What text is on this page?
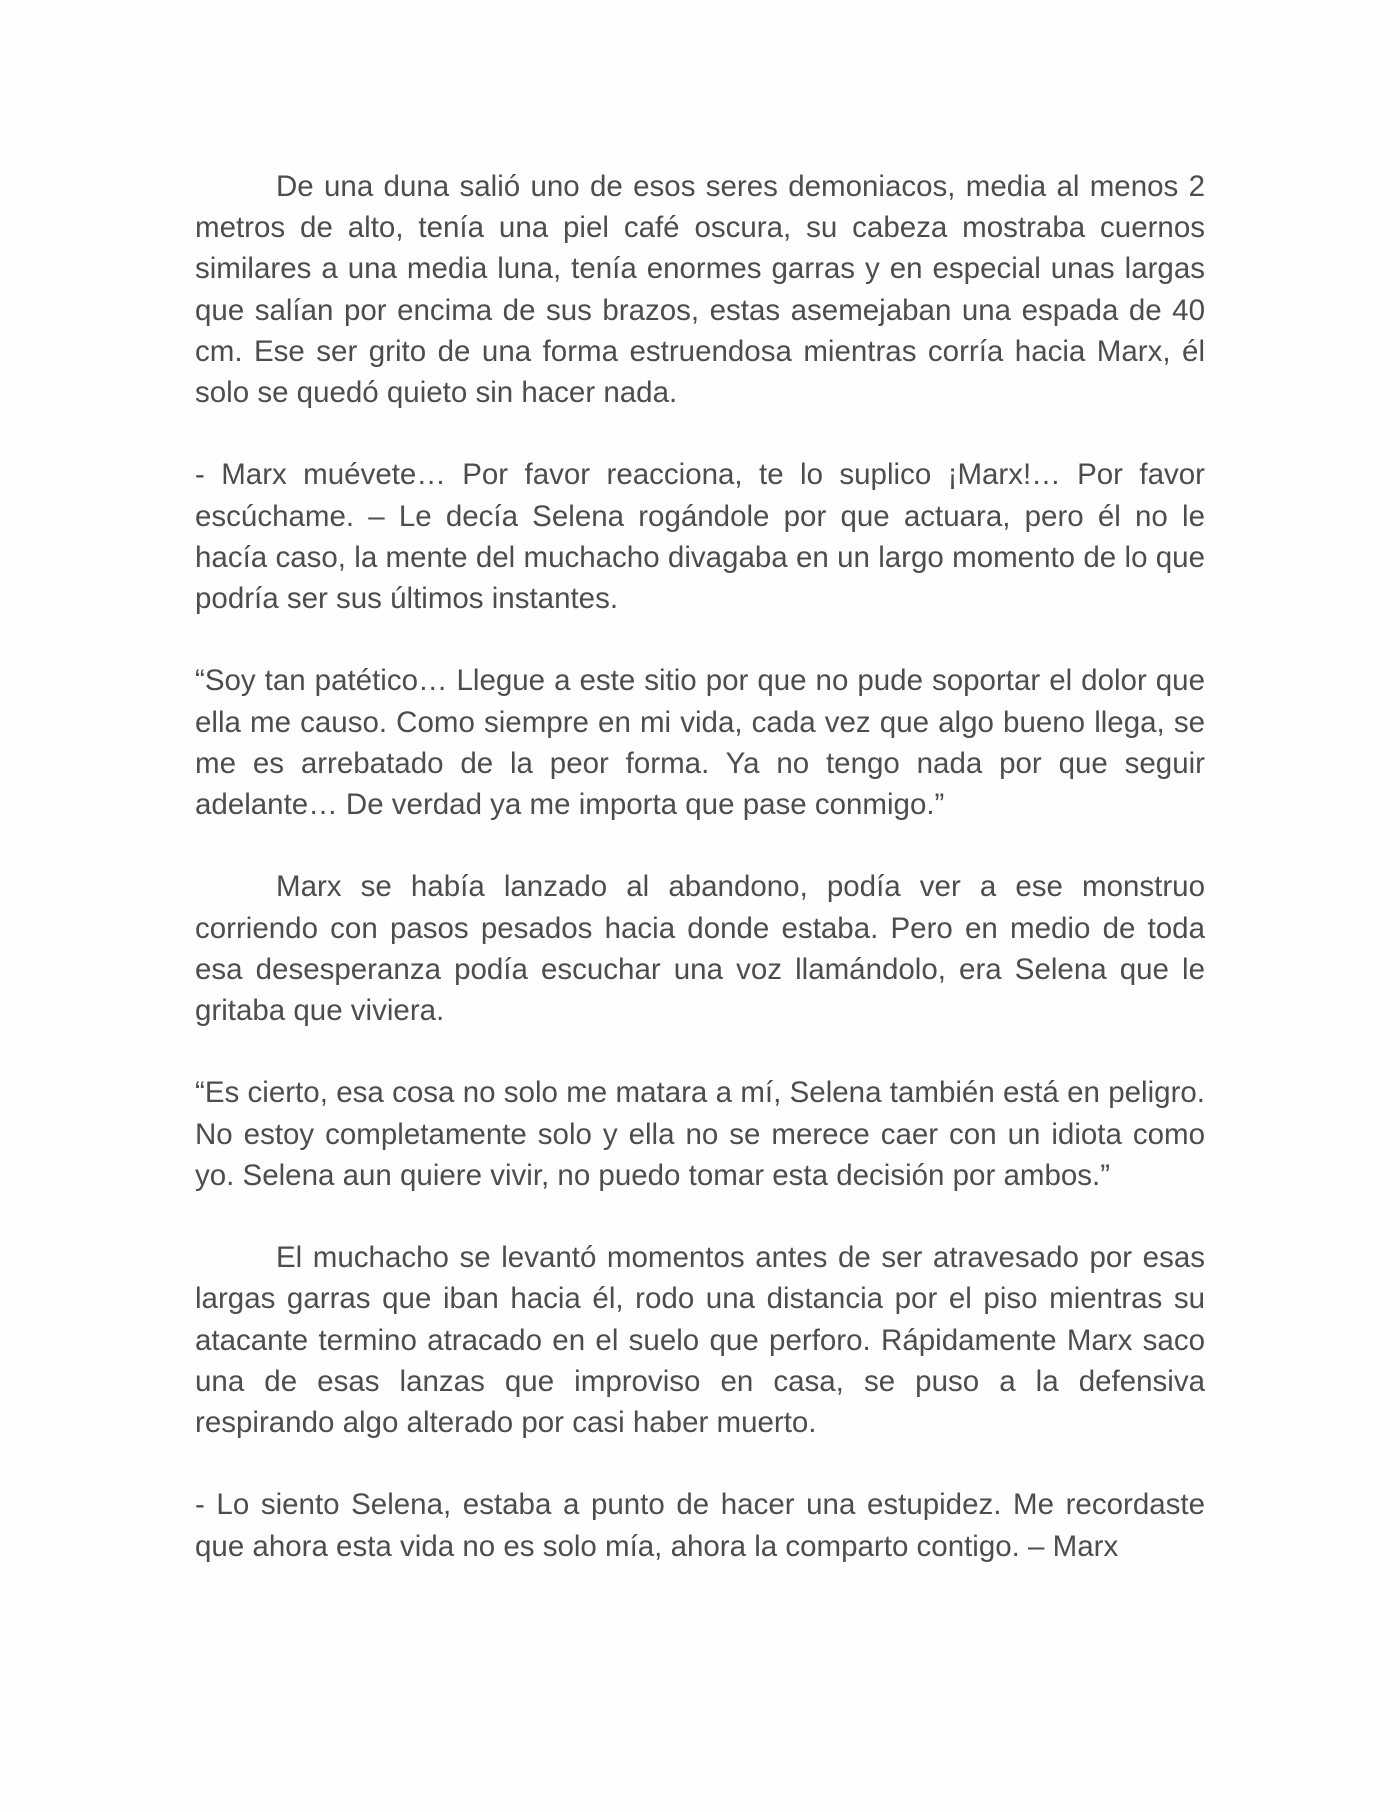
De una duna salió uno de esos seres demoniacos, media al menos 2 metros de alto, tenía una piel café oscura, su cabeza mostraba cuernos similares a una media luna, tenía enormes garras y en especial unas largas que salían por encima de sus brazos, estas asemejaban una espada de 40 cm. Ese ser grito de una forma estruendosa mientras corría hacia Marx, él solo se quedó quieto sin hacer nada.

- Marx muévete… Por favor reacciona, te lo suplico ¡Marx!… Por favor escúchame. – Le decía Selena rogándole por que actuara, pero él no le hacía caso, la mente del muchacho divagaba en un largo momento de lo que podría ser sus últimos instantes.

“Soy tan patético… Llegue a este sitio por que no pude soportar el dolor que ella me causo. Como siempre en mi vida, cada vez que algo bueno llega, se me es arrebatado de la peor forma. Ya no tengo nada por que seguir adelante… De verdad ya me importa que pase conmigo.”

Marx se había lanzado al abandono, podía ver a ese monstruo corriendo con pasos pesados hacia donde estaba. Pero en medio de toda esa desesperanza podía escuchar una voz llamándolo, era Selena que le gritaba que viviera.

“Es cierto, esa cosa no solo me matara a mí, Selena también está en peligro. No estoy completamente solo y ella no se merece caer con un idiota como yo. Selena aun quiere vivir, no puedo tomar esta decisión por ambos.”

El muchacho se levantó momentos antes de ser atravesado por esas largas garras que iban hacia él, rodo una distancia por el piso mientras su atacante termino atracado en el suelo que perforo. Rápidamente Marx saco una de esas lanzas que improviso en casa, se puso a la defensiva respirando algo alterado por casi haber muerto.

- Lo siento Selena, estaba a punto de hacer una estupidez. Me recordaste que ahora esta vida no es solo mía, ahora la comparto contigo. – Marx
